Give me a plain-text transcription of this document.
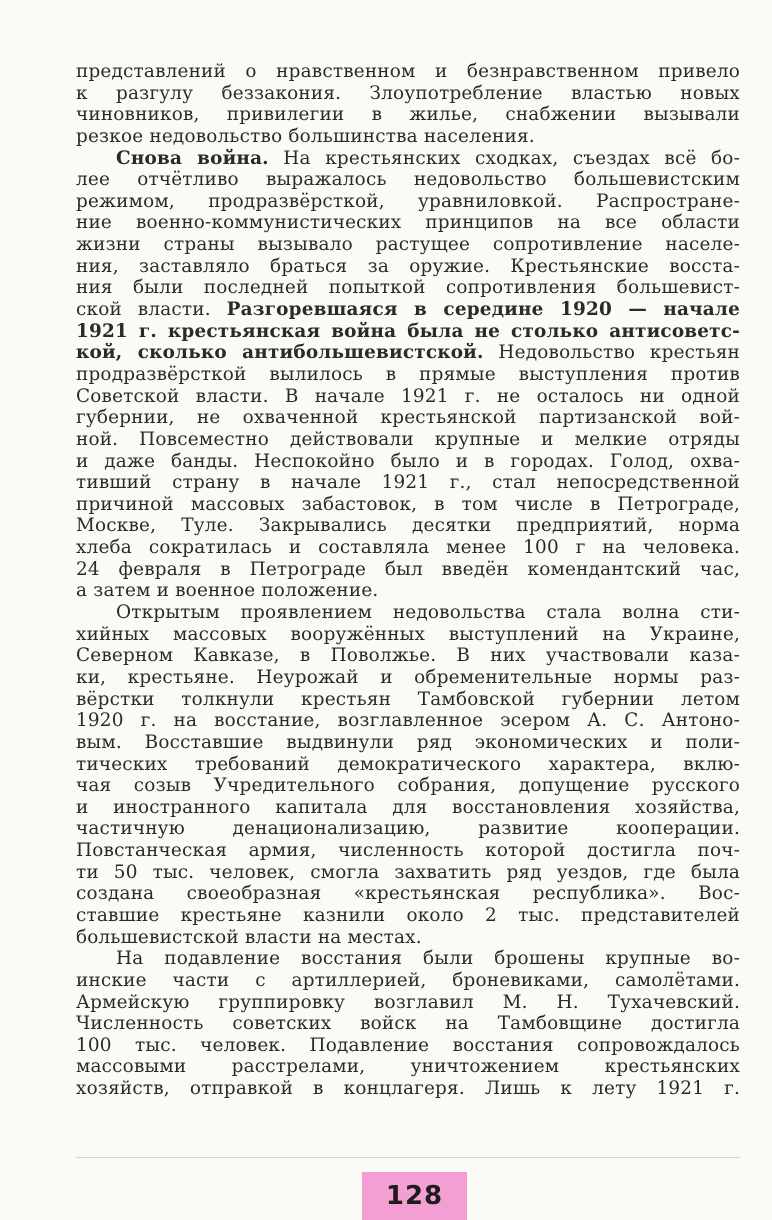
представлений о нравственном и безнравственном привело
к разгулу беззакония. Злоупотребление властью новых
чиновников, привилегии в жилье, снабжении вызывали
резкое недовольство большинства населения.
Снова война. На крестьянских сходках, съездах всё бо-
лее отчётливо выражалось недовольство большевистским
режимом, продразвёрсткой, уравниловкой. Распростране-
ние военно-коммунистических принципов на все области
жизни страны вызывало растущее сопротивление населе-
ния, заставляло браться за оружие. Крестьянские восста-
ния были последней попыткой сопротивления большевист-
ской власти. Разгоревшаяся в середине 1920 — начале
1921 г. крестьянская война была не столько антисоветс-
кой, сколько антибольшевистской. Недовольство крестьян
продразвёрсткой вылилось в прямые выступления против
Советской власти. В начале 1921 г. не осталось ни одной
губернии, не охваченной крестьянской партизанской вой-
ной. Повсеместно действовали крупные и мелкие отряды
и даже банды. Неспокойно было и в городах. Голод, охва-
тивший страну в начале 1921 г., стал непосредственной
причиной массовых забастовок, в том числе в Петрограде,
Москве, Туле. Закрывались десятки предприятий, норма
хлеба сократилась и составляла менее 100 г на человека.
24 февраля в Петрограде был введён комендантский час,
а затем и военное положение.
Открытым проявлением недовольства стала волна сти-
хийных массовых вооружённых выступлений на Украине,
Северном Кавказе, в Поволжье. В них участвовали каза-
ки, крестьяне. Неурожай и обременительные нормы раз-
вёрстки толкнули крестьян Тамбовской губернии летом
1920 г. на восстание, возглавленное эсером А. С. Антоно-
вым. Восставшие выдвинули ряд экономических и поли-
тических требований демократического характера, вклю-
чая созыв Учредительного собрания, допущение русского
и иностранного капитала для восстановления хозяйства,
частичную денационализацию, развитие кооперации.
Повстанческая армия, численность которой достигла поч-
ти 50 тыс. человек, смогла захватить ряд уездов, где была
создана своеобразная «крестьянская республика». Вос-
ставшие крестьяне казнили около 2 тыс. представителей
большевистской власти на местах.
На подавление восстания были брошены крупные во-
инские части с артиллерией, броневиками, самолётами.
Армейскую группировку возглавил М. Н. Тухачевский.
Численность советских войск на Тамбовщине достигла
100 тыс. человек. Подавление восстания сопровождалось
массовыми расстрелами, уничтожением крестьянских
хозяйств, отправкой в концлагеря. Лишь к лету 1921 г.
128
